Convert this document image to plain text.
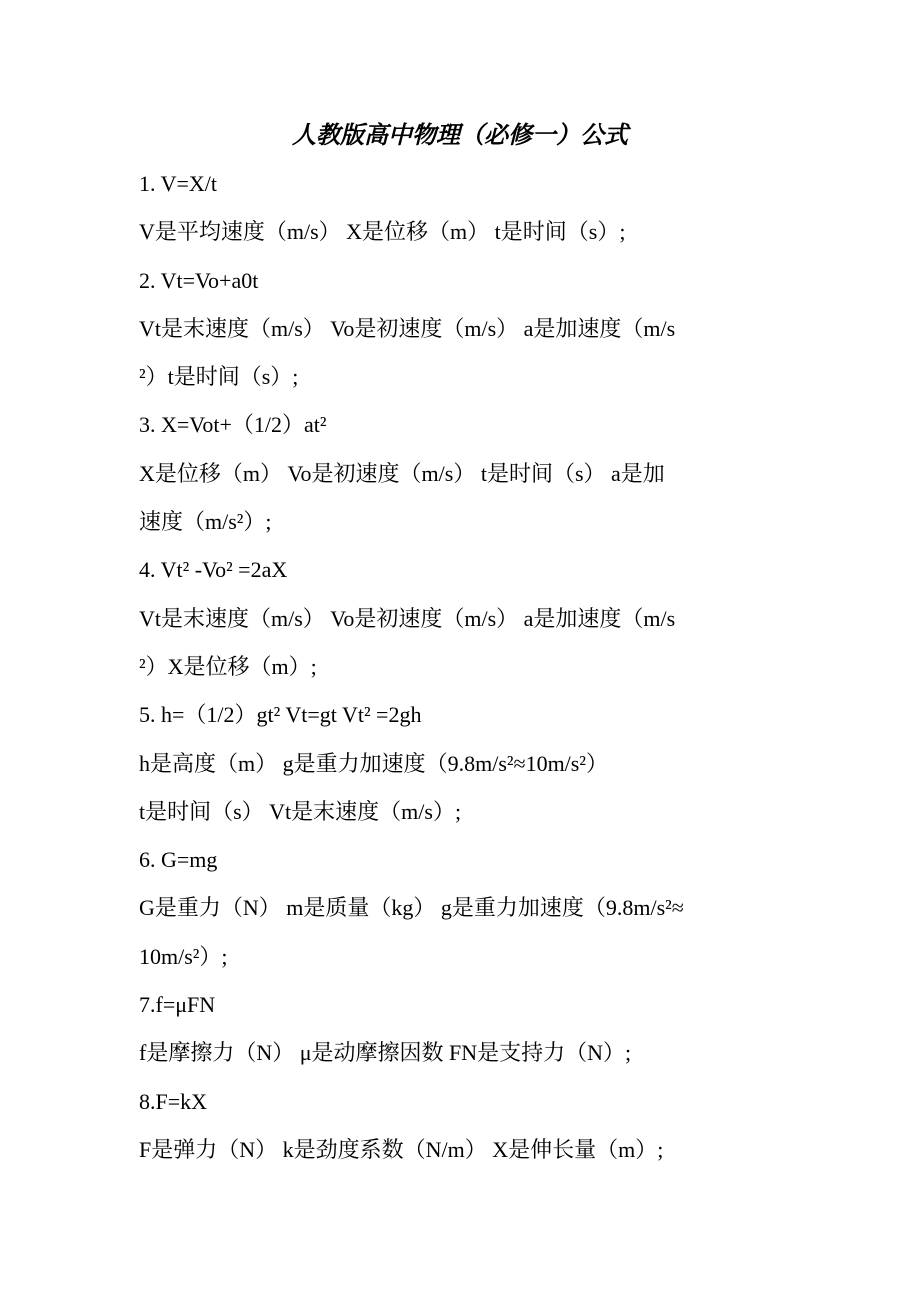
人教版高中物理（必修一）公式
1. V=X/t
V是平均速度（m/s） X是位移（m） t是时间（s）;
2. Vt=Vo+a0t
Vt是末速度（m/s） Vo是初速度（m/s） a是加速度（m/s
²）t是时间（s）;
3. X=Vot+（1/2）at²
X是位移（m） Vo是初速度（m/s） t是时间（s） a是加
速度（m/s²）;
4. Vt² -Vo² =2aX
Vt是末速度（m/s） Vo是初速度（m/s） a是加速度（m/s
²）X是位移（m）;
5. h=（1/2）gt² Vt=gt Vt² =2gh
h是高度（m） g是重力加速度（9.8m/s²≈10m/s²）
t是时间（s） Vt是末速度（m/s）;
6. G=mg
G是重力（N） m是质量（kg） g是重力加速度（9.8m/s²≈
10m/s²）;
7.f=μFN
f是摩擦力（N） μ是动摩擦因数 FN是支持力（N）;
8.F=kX
F是弹力（N） k是劲度系数（N/m） X是伸长量（m）;
